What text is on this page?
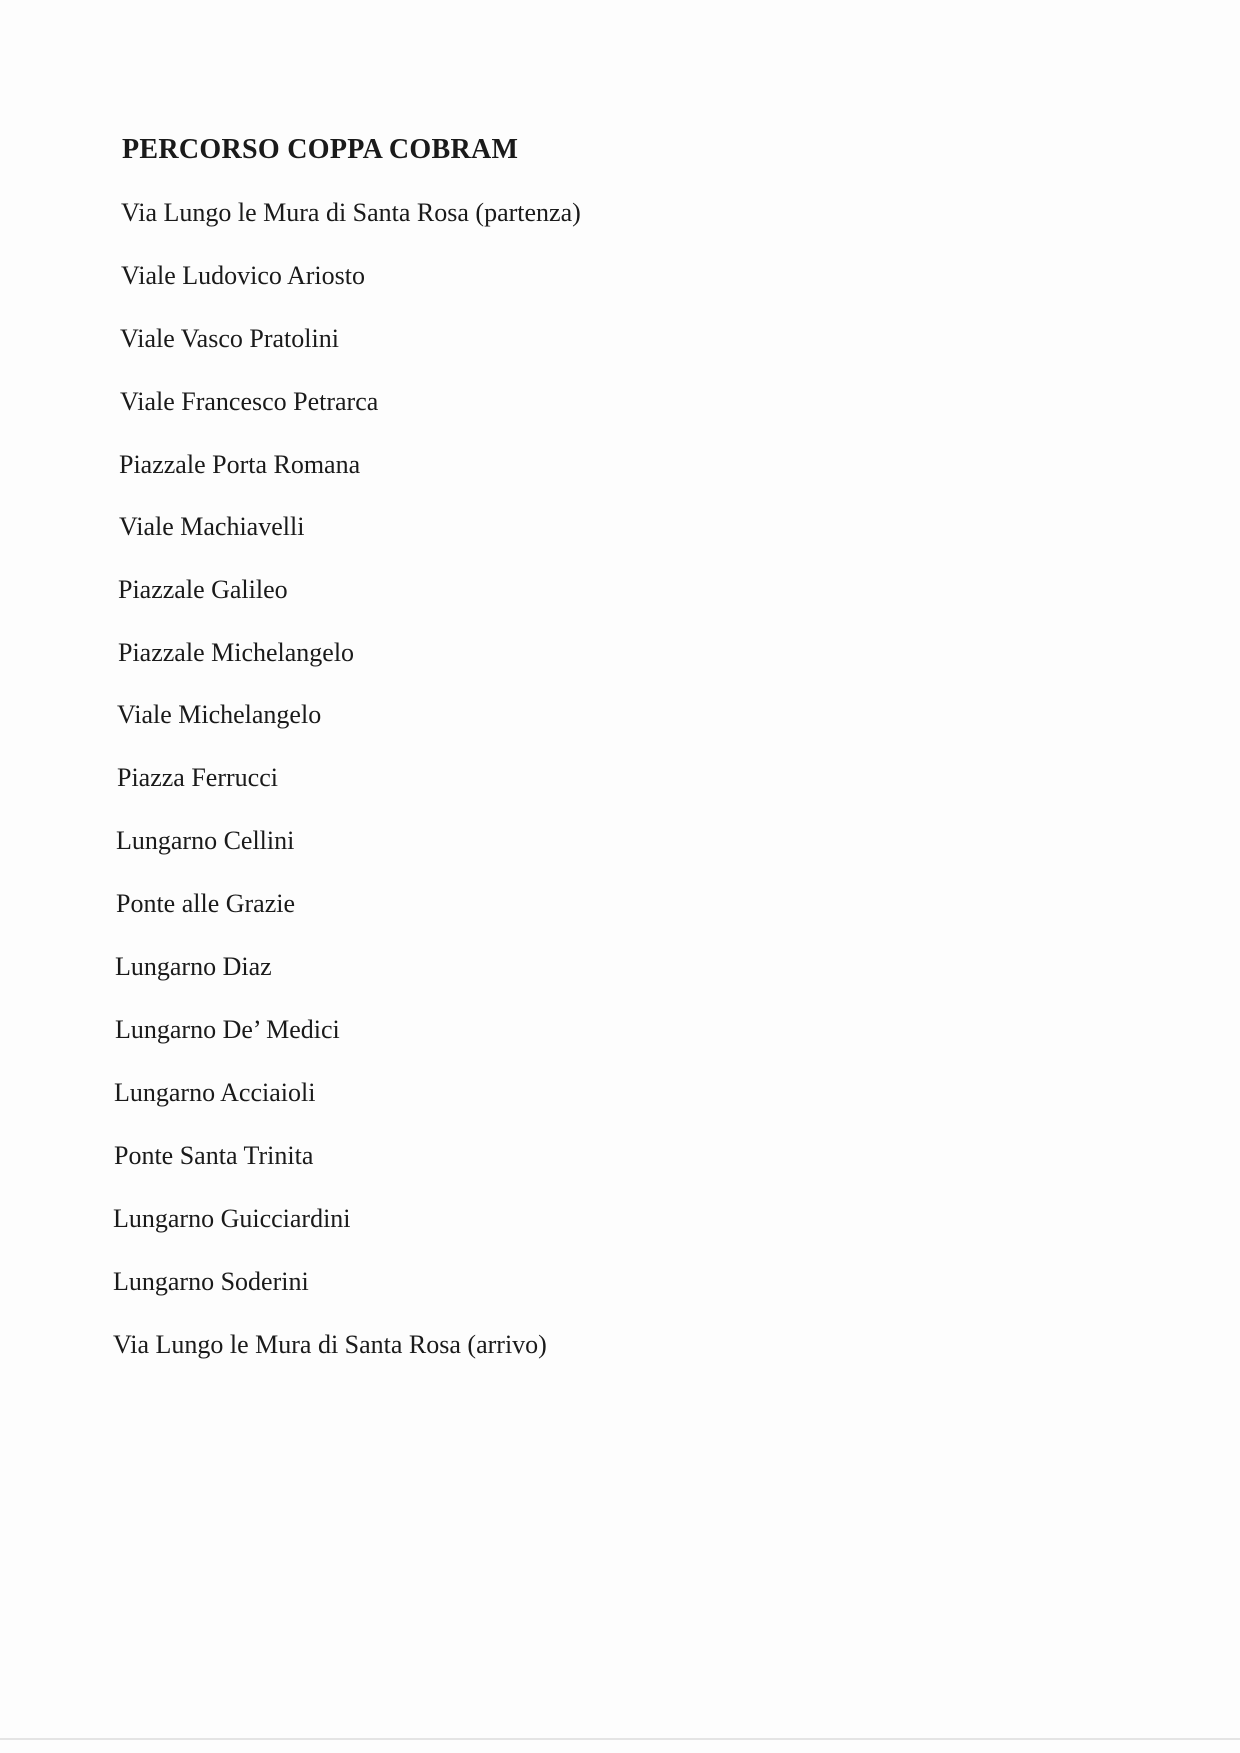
PERCORSO COPPA COBRAM
Via Lungo le Mura di Santa Rosa (partenza)
Viale Ludovico Ariosto
Viale Vasco Pratolini
Viale Francesco Petrarca
Piazzale Porta Romana
Viale Machiavelli
Piazzale Galileo
Piazzale Michelangelo
Viale Michelangelo
Piazza Ferrucci
Lungarno Cellini
Ponte alle Grazie
Lungarno Diaz
Lungarno De’ Medici
Lungarno Acciaioli
Ponte Santa Trinita
Lungarno Guicciardini
Lungarno Soderini
Via Lungo le Mura di Santa Rosa (arrivo)
